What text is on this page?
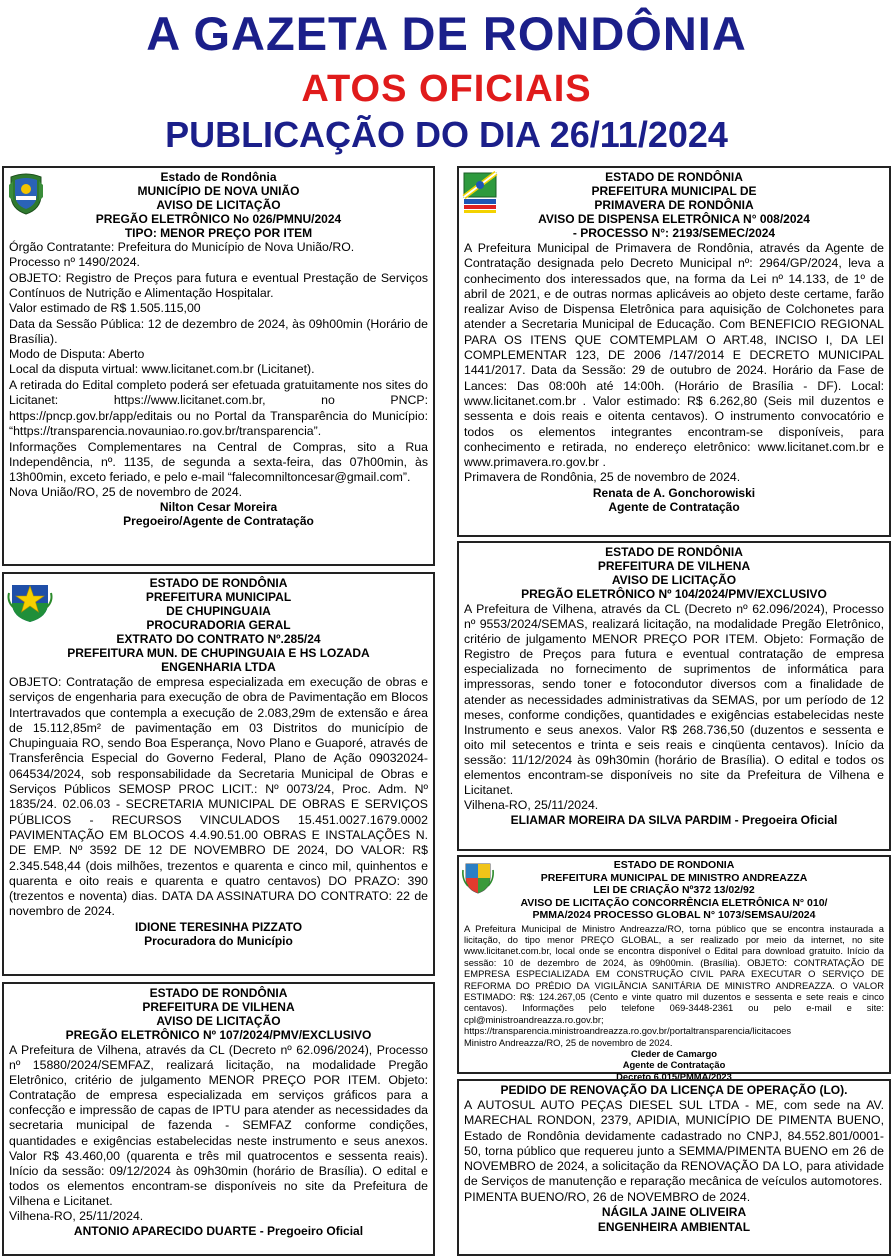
A GAZETA DE RONDÔNIA
ATOS OFICIAIS
PUBLICAÇÃO DO DIA 26/11/2024
Estado de Rondônia
MUNICÍPIO DE NOVA UNIÃO
AVISO DE LICITAÇÃO
PREGÃO ELETRÔNICO No 026/PMNU/2024
TIPO: MENOR PREÇO POR ITEM
Órgão Contratante: Prefeitura do Município de Nova União/RO.
Processo nº 1490/2024.
OBJETO: Registro de Preços para futura e eventual Prestação de Serviços Contínuos de Nutrição e Alimentação Hospitalar.
Valor estimado de R$ 1.505.115,00
Data da Sessão Pública: 12 de dezembro de 2024, às 09h00min (Horário de Brasília).
Modo de Disputa: Aberto
Local da disputa virtual: www.licitanet.com.br (Licitanet).
A retirada do Edital completo poderá ser efetuada gratuitamente nos sites do Licitanet: https://www.licitanet.com.br, no PNCP: https://pncp.gov.br/app/editais ou no Portal da Transparência do Município: “https://transparencia.novauniao.ro.gov.br/transparencia”.
Informações Complementares na Central de Compras, sito a Rua Independência, nº. 1135, de segunda a sexta-feira, das 07h00min, às 13h00min, exceto feriado, e pelo e-mail “falecomniltoncesar@gmail.com”.
Nova União/RO, 25 de novembro de 2024.
Nilton Cesar Moreira
Pregoeiro/Agente de Contratação
ESTADO DE RONDÔNIA
PREFEITURA MUNICIPAL
DE CHUPINGUAIA
PROCURADORIA GERAL
EXTRATO DO CONTRATO Nº.285/24
PREFEITURA MUN. DE CHUPINGUAIA E HS LOZADA
ENGENHARIA LTDA
OBJETO: Contratação de empresa especializada em execução de obras e serviços de engenharia para execução de obra de Pavimentação em Blocos Intertravados que contempla a execução de 2.083,29m de extensão e área de 15.112,85m² de pavimentação em 03 Distritos do município de Chupinguaia RO, sendo Boa Esperança, Novo Plano e Guaporé, através de Transferência Especial do Governo Federal, Plano de Ação 09032024-064534/2024, sob responsabilidade da Secretaria Municipal de Obras e Serviços Públicos SEMOSP PROC LICIT.: Nº 0073/24, Proc. Adm. Nº 1835/24. 02.06.03 - SECRETARIA MUNICIPAL DE OBRAS E SERVIÇOS PÚBLICOS - RECURSOS VINCULADOS 15.451.0027.1679.0002 PAVIMENTAÇÃO EM BLOCOS 4.4.90.51.00 OBRAS E INSTALAÇÕES N. DE EMP. Nº 3592 DE 12 DE NOVEMBRO DE 2024, DO VALOR: R$ 2.345.548,44 (dois milhões, trezentos e quarenta e cinco mil, quinhentos e quarenta e oito reais e quarenta e quatro centavos) DO PRAZO: 390 (trezentos e noventa) dias. DATA DA ASSINATURA DO CONTRATO: 22 de novembro de 2024.
IDIONE TERESINHA PIZZATO
Procuradora do Município
ESTADO DE RONDÔNIA
PREFEITURA DE VILHENA
AVISO DE LICITAÇÃO
PREGÃO ELETRÔNICO Nº 107/2024/PMV/EXCLUSIVO
A Prefeitura de Vilhena, através da CL (Decreto nº 62.096/2024), Processo nº 15880/2024/SEMFAZ, realizará licitação, na modalidade Pregão Eletrônico, critério de julgamento MENOR PREÇO POR ITEM. Objeto: Contratação de empresa especializada em serviços gráficos para a confecção e impressão de capas de IPTU para atender as necessidades da secretaria municipal de fazenda - SEMFAZ conforme condições, quantidades e exigências estabelecidas neste instrumento e seus anexos. Valor R$ 43.460,00 (quarenta e três mil quatrocentos e sessenta reais). Início da sessão: 09/12/2024 às 09h30min (horário de Brasília). O edital e todos os elementos encontram-se disponíveis no site da Prefeitura de Vilhena e Licitanet.
Vilhena-RO, 25/11/2024.
ANTONIO APARECIDO DUARTE - Pregoeiro Oficial
ESTADO DE RONDÔNIA
PREFEITURA MUNICIPAL DE
PRIMAVERA DE RONDÔNIA
AVISO DE DISPENSA ELETRÔNICA N° 008/2024
- PROCESSO N°: 2193/SEMEC/2024
A Prefeitura Municipal de Primavera de Rondônia, através da Agente de Contratação designada pelo Decreto Municipal nº: 2964/GP/2024, leva a conhecimento dos interessados que, na forma da Lei nº 14.133, de 1º de abril de 2021, e de outras normas aplicáveis ao objeto deste certame, farão realizar Aviso de Dispensa Eletrônica para aquisição de Colchonetes para atender a Secretaria Municipal de Educação. Com BENEFICIO REGIONAL PARA OS ITENS QUE COMTEMPLAM O ART.48, INCISO I, DA LEI COMPLEMENTAR 123, DE 2006 /147/2014 E DECRETO MUNICIPAL 1441/2017. Data da Sessão: 29 de outubro de 2024. Horário da Fase de Lances: Das 08:00h até 14:00h. (Horário de Brasília - DF). Local: www.licitanet.com.br . Valor estimado: R$ 6.262,80 (Seis mil duzentos e sessenta e dois reais e oitenta centavos). O instrumento convocatório e todos os elementos integrantes encontram-se disponíveis, para conhecimento e retirada, no endereço eletrônico: www.licitanet.com.br e www.primavera.ro.gov.br .
Primavera de Rondônia, 25 de novembro de 2024.
Renata de A. Gonchorowiski
Agente de Contratação
ESTADO DE RONDÔNIA
PREFEITURA DE VILHENA
AVISO DE LICITAÇÃO
PREGÃO ELETRÔNICO Nº 104/2024/PMV/EXCLUSIVO
A Prefeitura de Vilhena, através da CL (Decreto nº 62.096/2024), Processo nº 9553/2024/SEMAS, realizará licitação, na modalidade Pregão Eletrônico, critério de julgamento MENOR PREÇO POR ITEM. Objeto: Formação de Registro de Preços para futura e eventual contratação de empresa especializada no fornecimento de suprimentos de informática para impressoras, sendo toner e fotocondutor diversos com a finalidade de atender as necessidades administrativas da SEMAS, por um período de 12 meses, conforme condições, quantidades e exigências estabelecidas neste Instrumento e seus anexos. Valor R$ 268.736,50 (duzentos e sessenta e oito mil setecentos e trinta e seis reais e cinqüenta centavos). Início da sessão: 11/12/2024 às 09h30min (horário de Brasília). O edital e todos os elementos encontram-se disponíveis no site da Prefeitura de Vilhena e Licitanet.
Vilhena-RO, 25/11/2024.
ELIAMAR MOREIRA DA SILVA PARDIM - Pregoeira Oficial
ESTADO DE RONDONIA
PREFEITURA MUNICIPAL DE MINISTRO ANDREAZZA
LEI DE CRIAÇÃO Nº372 13/02/92
AVISO DE LICITAÇÃO CONCORRÊNCIA ELETRÔNICA N° 010/
PMMA/2024 PROCESSO GLOBAL N° 1073/SEMSAU/2024
A Prefeitura Municipal de Ministro Andreazza/RO, torna público que se encontra instaurada a licitação, do tipo menor PREÇO GLOBAL, a ser realizado por meio da internet, no site www.licitanet.com.br, local onde se encontra disponível o Edital para download gratuito. Início da sessão: 10 de dezembro de 2024, às 09h00min. (Brasília). OBJETO: CONTRATAÇÃO DE EMPRESA ESPECIALIZADA EM CONSTRUÇÃO CIVIL PARA EXECUTAR O SERVIÇO DE REFORMA DO PRÉDIO DA VIGILÂNCIA SANITÁRIA DE MINISTRO ANDREAZZA. O VALOR ESTIMADO: R$: 124.267,05 (Cento e vinte quatro mil duzentos e sessenta e sete reais e cinco centavos). Informações pelo telefone 069-3448-2361 ou pelo e-mail e site: cpl@ministroandreazza.ro.gov.br; https://transparencia.ministroandreazza.ro.gov.br/portaltransparencia/licitacoes
Ministro Andreazza/RO, 25 de novembro de 2024.
Cleder de Camargo
Agente de Contratação
Decreto 6.015/PMMA/2023
PEDIDO DE RENOVAÇÃO DA LICENÇA DE OPERAÇÃO (LO).
A AUTOSUL AUTO PEÇAS DIESEL SUL LTDA - ME, com sede na AV. MARECHAL RONDON, 2379, APIDIA, MUNICÍPIO DE PIMENTA BUENO, Estado de Rondônia devidamente cadastrado no CNPJ, 84.552.801/0001-50, torna público que requereu junto a SEMMA/PIMENTA BUENO em 26 de NOVEMBRO de 2024, a solicitação da RENOVAÇÃO DA LO, para atividade de Serviços de manutenção e reparação mecânica de veículos automotores.
PIMENTA BUENO/RO, 26 de NOVEMBRO de 2024.
NÁGILA JAINE OLIVEIRA
ENGENHEIRA AMBIENTAL
